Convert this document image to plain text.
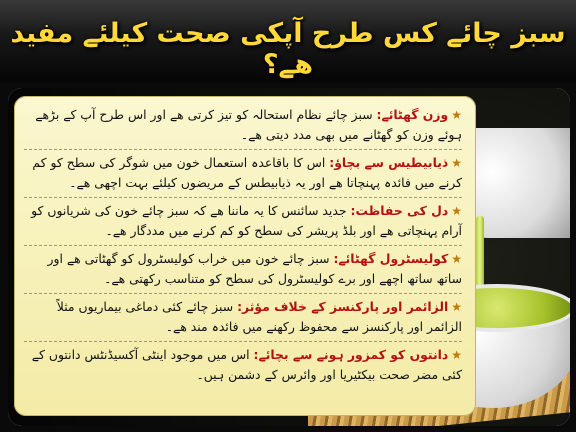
سبز چائے کس طرح آپکی صحت کیلئے مفید ھے؟
★وزن گھٹائے: سبز چائے نظام استحالہ کو تیز کرتی ھے اور اس طرح آپ کے بڑھے ہوئے وزن کو گھٹانے میں بھی مدد دیتی ھے۔
★ذیابیطیس سے بچاؤ: اس کا باقاعدہ استعمال خون میں شوگر کی سطح کو کم کرنے میں فائدہ پہنچاتا ھے اور یہ ذیابیطس کے مریضوں کیلئے بہت اچھی ھے۔
★دل کی حفاظت: جدید سائنس کا یہ ماننا ھے کہ سبز چائے خون کی شریانوں کو آرام پہنچاتی ھے اور بلڈ پریشر کی سطح کو کم کرنے میں مددگار ھے۔
★کولیسٹرول گھٹائے: سبز چائے خون میں خراب کولیسٹرول کو گھٹاتی ھے اور ساتھ ساتھ اچھے اور برے کولیسٹرول کی سطح کو متناسب رکھتی ھے۔
★الزائمر اور پارکنسز کے خلاف مؤثر: سبز چائے کئی دماغی بیماریوں مثلاً الزائمر اور پارکنسز سے محفوظ رکھنے میں فائدہ مند ھے۔
★دانتوں کو کمزور ہونے سے بچائے: اس میں موجود اینٹی آکسیڈنٹس دانتوں کے کئی مضر صحت بیکٹیریا اور وائرس کے دشمن ہیں۔
